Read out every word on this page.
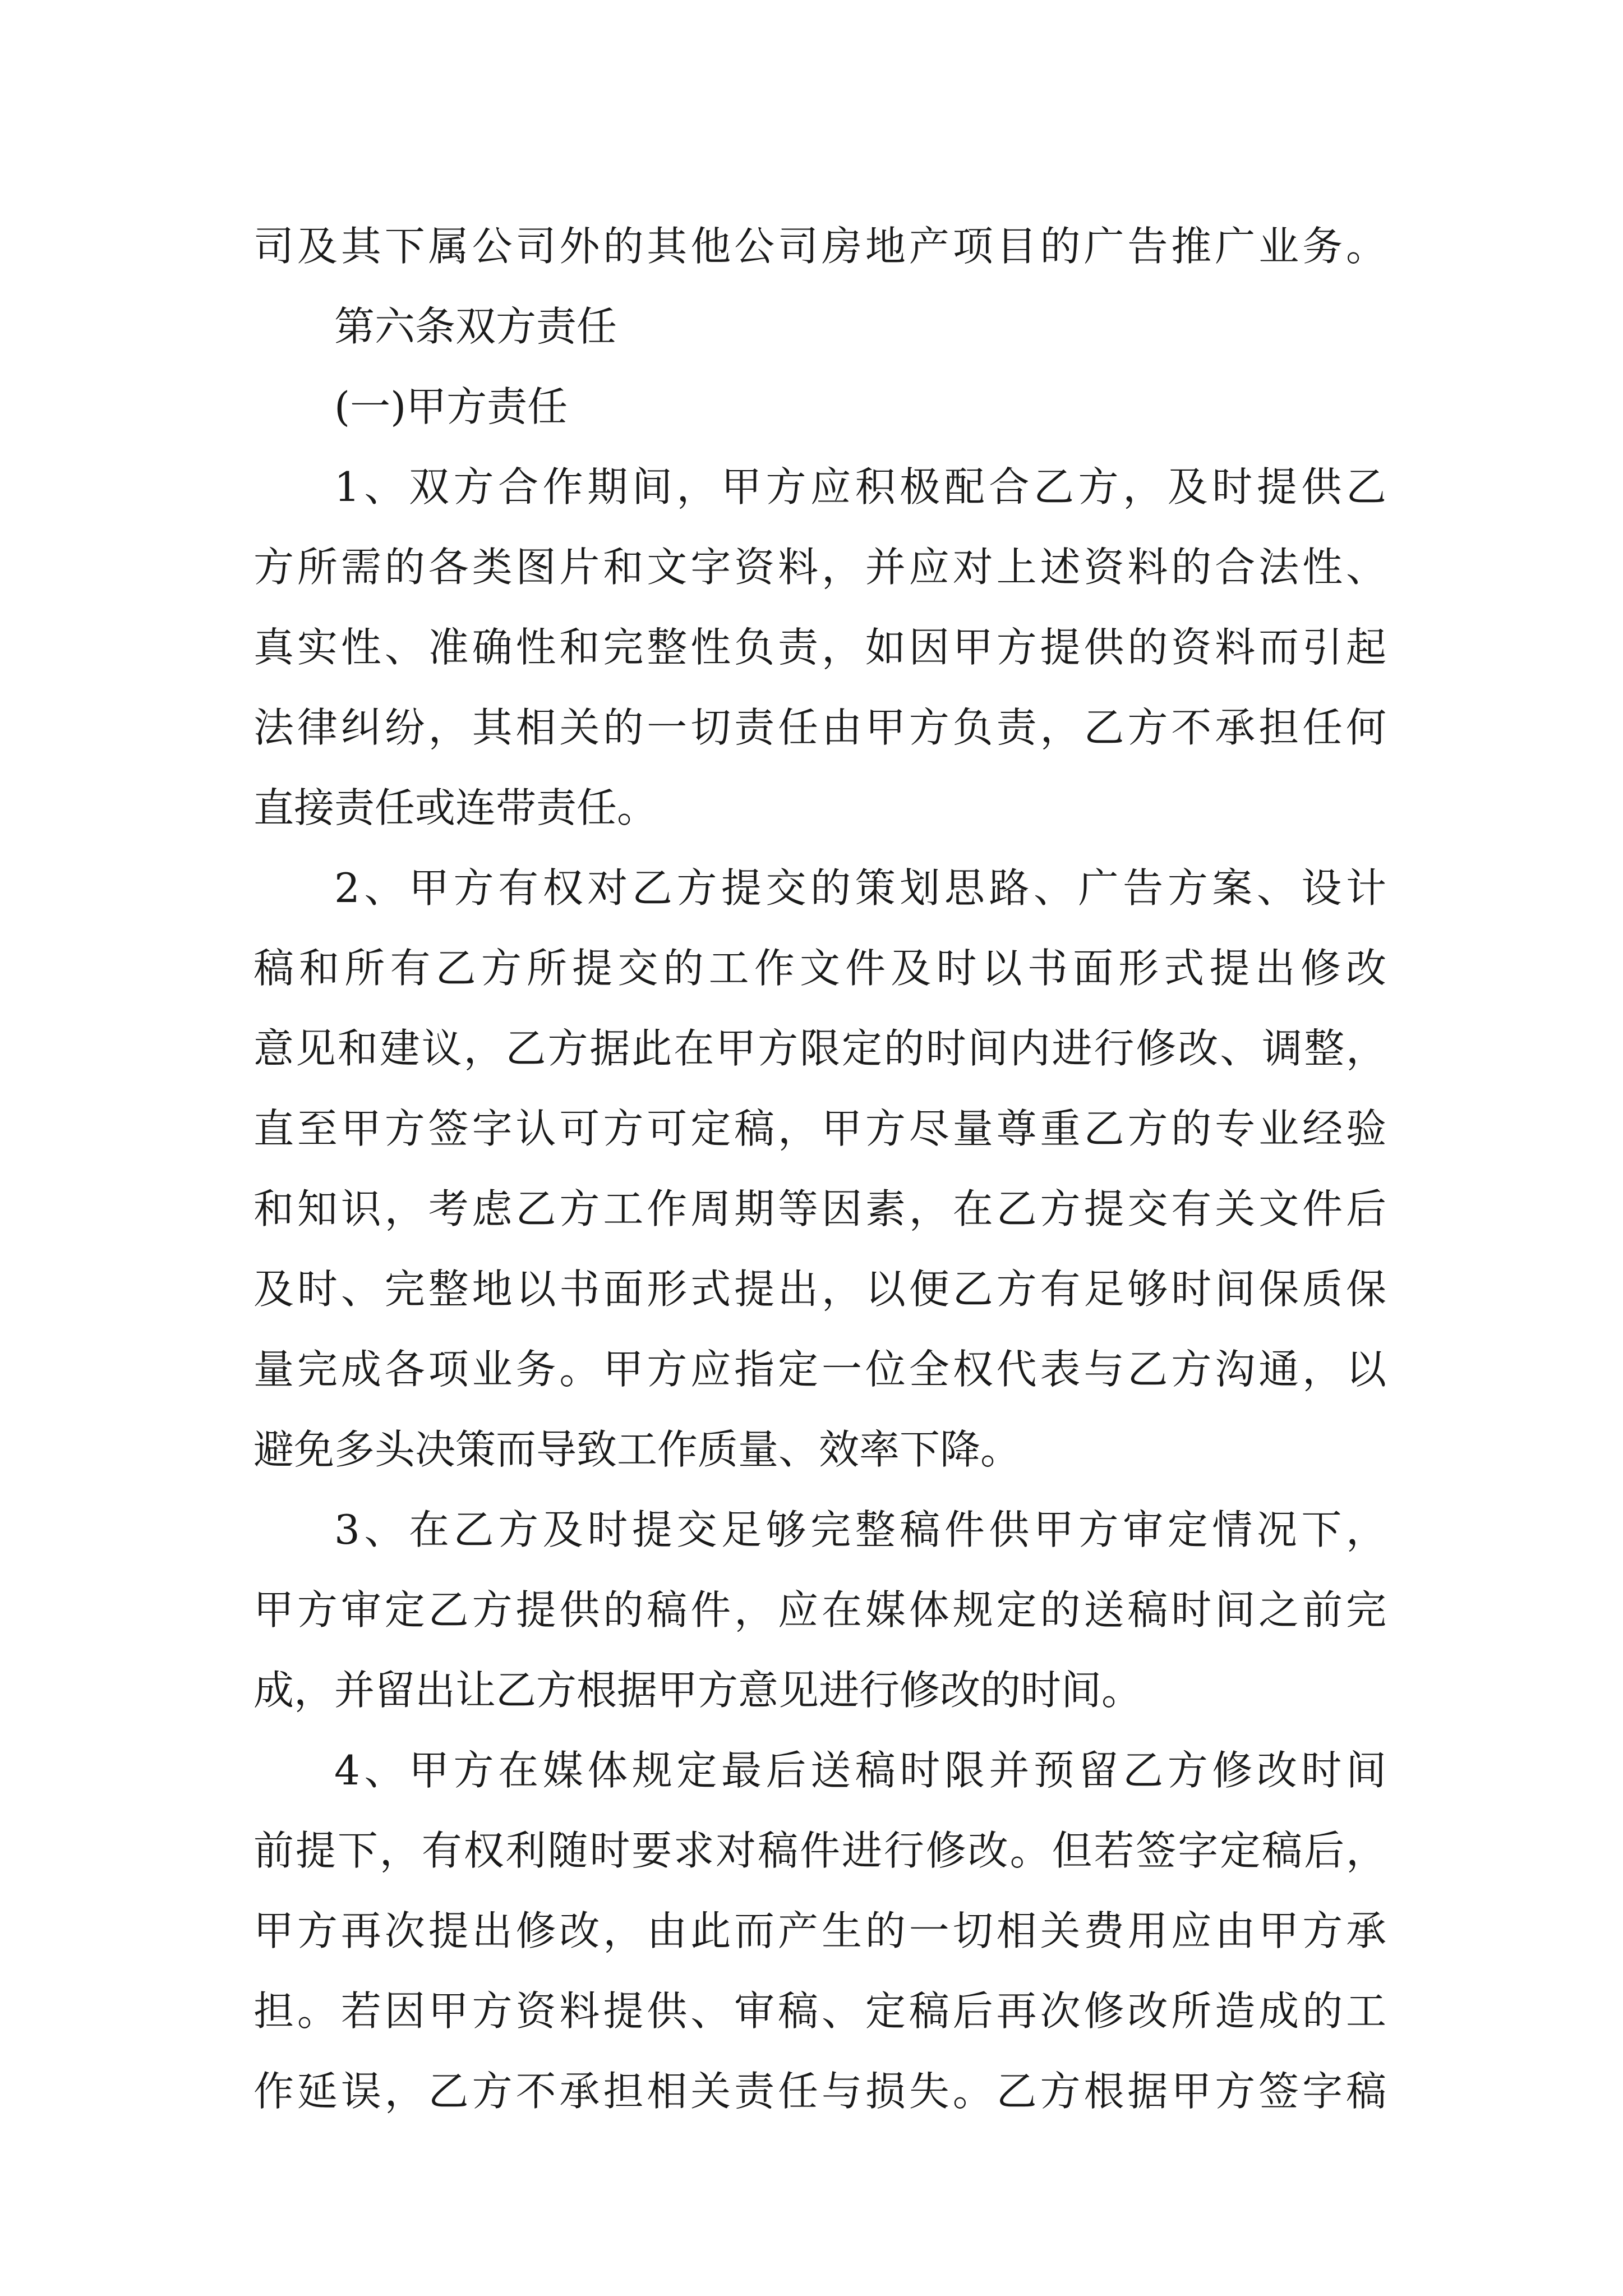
司及其下属公司外的其他公司房地产项目的广告推广业务。
第六条双方责任
(一)甲方责任
1、双方合作期间，甲方应积极配合乙方，及时提供乙
方所需的各类图片和文字资料，并应对上述资料的合法性、
真实性、准确性和完整性负责，如因甲方提供的资料而引起
法律纠纷，其相关的一切责任由甲方负责，乙方不承担任何
直接责任或连带责任。
2、甲方有权对乙方提交的策划思路、广告方案、设计
稿和所有乙方所提交的工作文件及时以书面形式提出修改
意见和建议，乙方据此在甲方限定的时间内进行修改、调整，
直至甲方签字认可方可定稿，甲方尽量尊重乙方的专业经验
和知识，考虑乙方工作周期等因素，在乙方提交有关文件后
及时、完整地以书面形式提出，以便乙方有足够时间保质保
量完成各项业务。甲方应指定一位全权代表与乙方沟通，以
避免多头决策而导致工作质量、效率下降。
3、在乙方及时提交足够完整稿件供甲方审定情况下，
甲方审定乙方提供的稿件，应在媒体规定的送稿时间之前完
成，并留出让乙方根据甲方意见进行修改的时间。
4、甲方在媒体规定最后送稿时限并预留乙方修改时间
前提下，有权利随时要求对稿件进行修改。但若签字定稿后，
甲方再次提出修改，由此而产生的一切相关费用应由甲方承
担。若因甲方资料提供、审稿、定稿后再次修改所造成的工
作延误，乙方不承担相关责任与损失。乙方根据甲方签字稿
